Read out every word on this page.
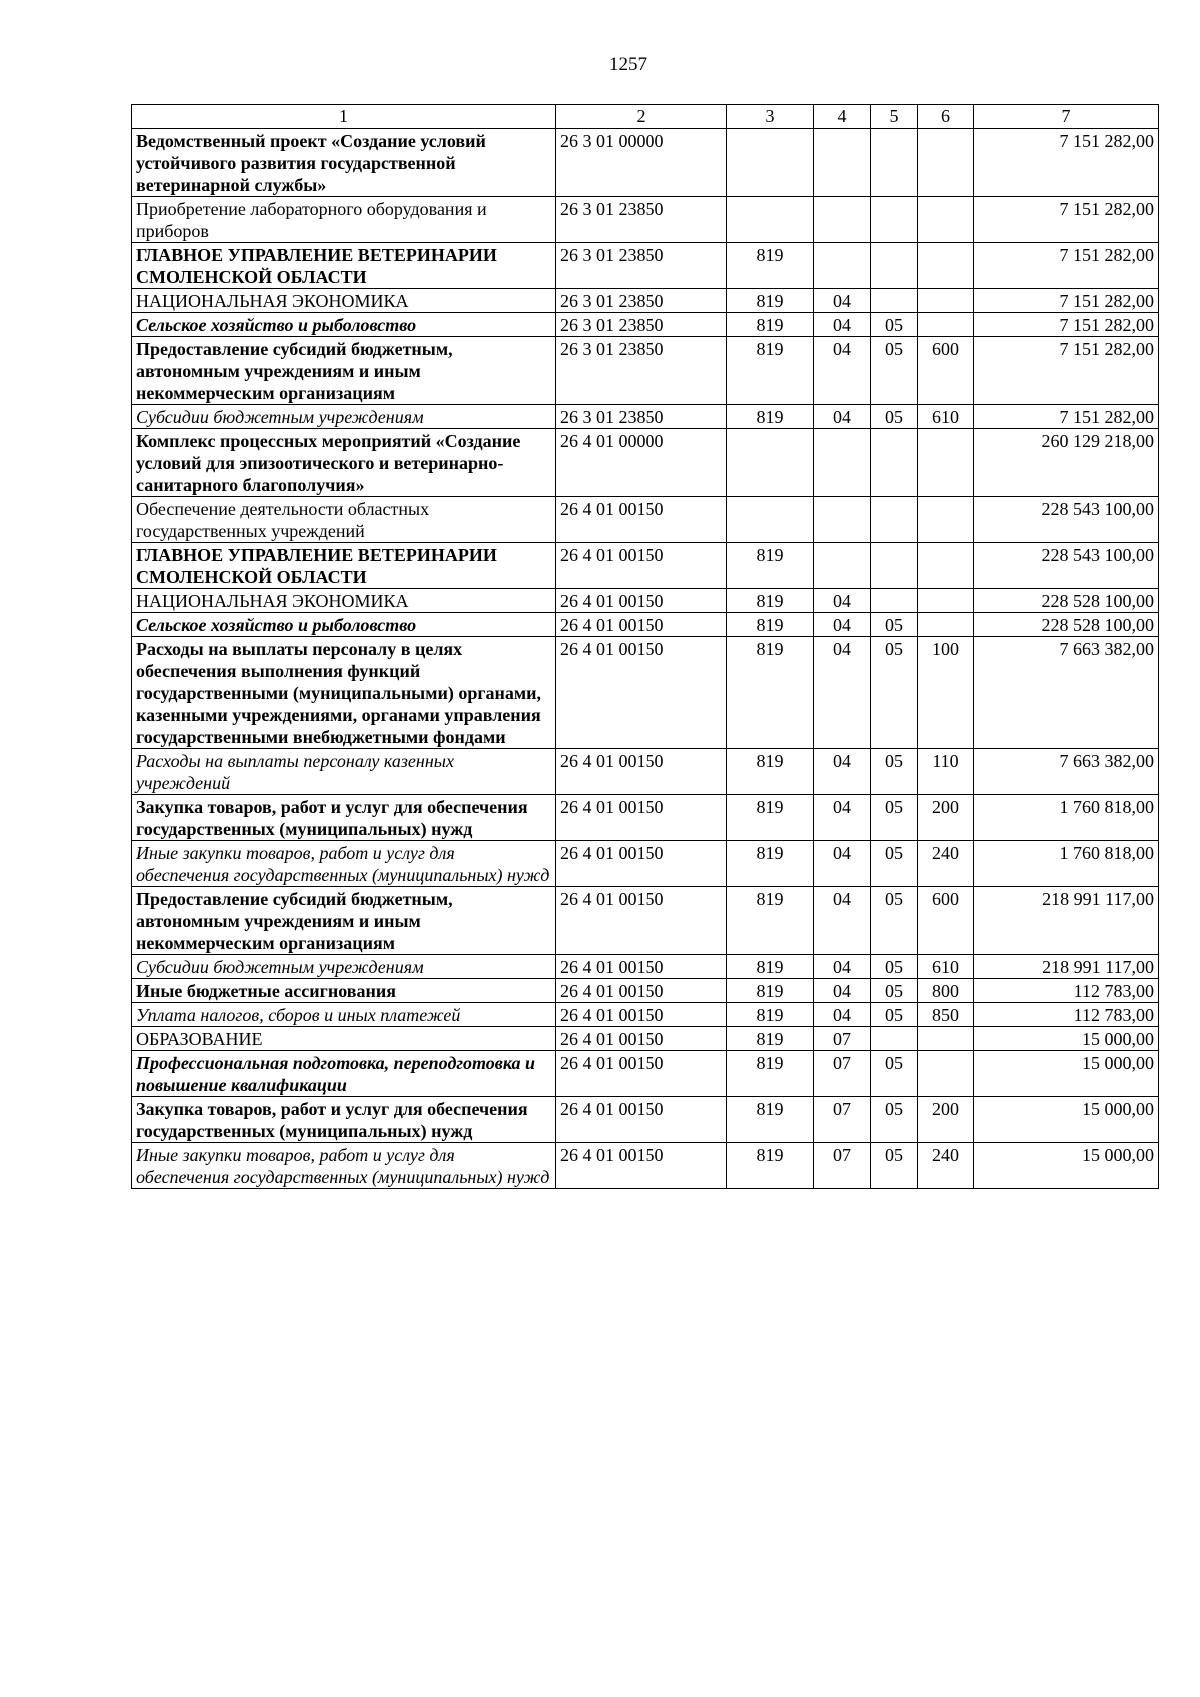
1257
1	2	3	4	5	6	7
Ведомственный проект «Создание условий устойчивого развития государственной ветеринарной службы»	26 3 01 00000					7 151 282,00
Приобретение лабораторного оборудования и приборов	26 3 01 23850					7 151 282,00
ГЛАВНОЕ УПРАВЛЕНИЕ ВЕТЕРИНАРИИ СМОЛЕНСКОЙ ОБЛАСТИ	26 3 01 23850	819				7 151 282,00
НАЦИОНАЛЬНАЯ ЭКОНОМИКА	26 3 01 23850	819	04			7 151 282,00
Сельское хозяйство и рыболовство	26 3 01 23850	819	04	05		7 151 282,00
Предоставление субсидий бюджетным, автономным учреждениям и иным некоммерческим организациям	26 3 01 23850	819	04	05	600	7 151 282,00
Субсидии бюджетным учреждениям	26 3 01 23850	819	04	05	610	7 151 282,00
Комплекс процессных мероприятий «Создание условий для эпизоотического и ветеринарно-санитарного благополучия»	26 4 01 00000					260 129 218,00
Обеспечение деятельности областных государственных учреждений	26 4 01 00150					228 543 100,00
ГЛАВНОЕ УПРАВЛЕНИЕ ВЕТЕРИНАРИИ СМОЛЕНСКОЙ ОБЛАСТИ	26 4 01 00150	819				228 543 100,00
НАЦИОНАЛЬНАЯ ЭКОНОМИКА	26 4 01 00150	819	04			228 528 100,00
Сельское хозяйство и рыболовство	26 4 01 00150	819	04	05		228 528 100,00
Расходы на выплаты персоналу в целях обеспечения выполнения функций государственными (муниципальными) органами, казенными учреждениями, органами управления государственными внебюджетными фондами	26 4 01 00150	819	04	05	100	7 663 382,00
Расходы на выплаты персоналу казенных учреждений	26 4 01 00150	819	04	05	110	7 663 382,00
Закупка товаров, работ и услуг для обеспечения государственных (муниципальных) нужд	26 4 01 00150	819	04	05	200	1 760 818,00
Иные закупки товаров, работ и услуг для обеспечения государственных (муниципальных) нужд	26 4 01 00150	819	04	05	240	1 760 818,00
Предоставление субсидий бюджетным, автономным учреждениям и иным некоммерческим организациям	26 4 01 00150	819	04	05	600	218 991 117,00
Субсидии бюджетным учреждениям	26 4 01 00150	819	04	05	610	218 991 117,00
Иные бюджетные ассигнования	26 4 01 00150	819	04	05	800	112 783,00
Уплата налогов, сборов и иных платежей	26 4 01 00150	819	04	05	850	112 783,00
ОБРАЗОВАНИЕ	26 4 01 00150	819	07			15 000,00
Профессиональная подготовка, переподготовка и повышение квалификации	26 4 01 00150	819	07	05		15 000,00
Закупка товаров, работ и услуг для обеспечения государственных (муниципальных) нужд	26 4 01 00150	819	07	05	200	15 000,00
Иные закупки товаров, работ и услуг для обеспечения государственных (муниципальных) нужд	26 4 01 00150	819	07	05	240	15 000,00
